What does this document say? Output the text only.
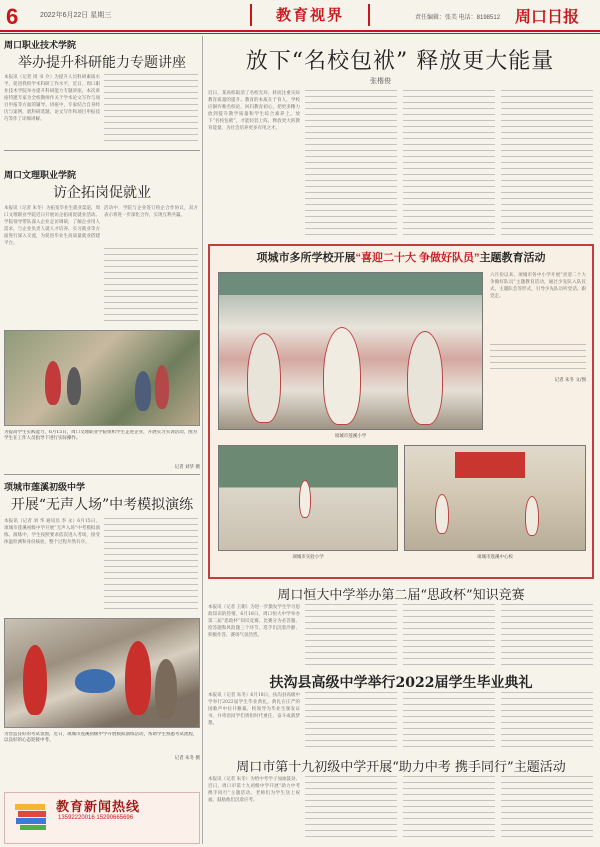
6	2022年6月22日 星期三	教育视界	责任编辑：张美 电话：8198512 周口日报
周口职业技术学院
举办提升科研能力专题讲座
本报讯（记者 周 书 介）为提升人员科研素质水平，促进我校学术科研工作水平，近日，周口职业技术学院举办提升科研能力专题讲座。本次讲座特邀专家为全校教师作关于学术论文写作与项目申报等方面的辅导。讲座中，专家结合自身经历与案例，就科研选题、论文写作和项目申报技巧等作了详细讲解。
周口文理职业学院
访企拓岗促就业
本报讯（记者 朱冬）为拓宽毕业生就业渠道，周口文理职业学院近日开展访企拓岗促就业活动。学院领导带队深入企业走访调研，了解企业用人需求，与企业负责人就人才培养、实习就业等方面进行深入交流，为促进毕业生高质量就业搭建平台。
活动中，学院与企业签订校企合作协议，双方表示将进一步深化合作，实现互利共赢。
为提高学生实践能力，6月15日，周口文理职业学院组织学生走进企业，开展实习实训活动。图为学生在工作人员指导下进行实际操作。
记者 刘华 摄
项城市莲溪初级中学
开展“无声人场”中考模拟演练
本报讯（记者 刘 华 通讯员 李 永）6月15日，项城市莲溪初级中学开展“无声入场”中考模拟演练。演练中，学生按照要求依次进入考场，接受体温检测和身份核验，整个过程井然有序。
为营造良好的考试氛围，近日，项城市莲溪初级中学开展模拟演练活动，帮助学生熟悉考试流程，以良好的心态迎接中考。
记者 朱冬 摄
教育新闻热线
13592220016 15290665696
放下“名校包袱” 释放更大能量
张楷俊
近日，某高校取消了名校光环，转而注重实际教育质量的提升。教育的本质在于育人，学校应摒弃唯名校论，回归教育初心，把更多精力放到提升教学质量和学生综合素养上。放下“名校包袱”，才能轻装上阵，释放更大的教育能量，为社会培养更多有用之才。
项城市多所学校开展“喜迎二十大 争做好队员”主题教育活动
项城市莲溪小学
六月份以来，项城市各中小学开展“喜迎二十大 争做好队员”主题教育活动，通过少先队入队仪式、主题队会等形式，引导少先队员听党话、跟党走。
记者 朱冬 文/图
项城市实验小学	项城市莲溪中心校
周口恒大中学举办第二届“思政杯”知识竞赛
本报讯（记者 王朝）为进一步激发学生学习思政知识的热情，6月18日，周口恒大中学举办第二届“思政杯”知识竞赛。比赛分为必答题、抢答题和风险题三个环节，选手们沉着冷静，积极作答，赛场气氛热烈。
扶沟县高级中学举行2022届学生毕业典礼
本报讯（记者 朱冬）6月18日，扶沟县高级中学举行2022届学生毕业典礼。典礼在庄严的国歌声中拉开帷幕，校领导为毕业生颁发证书，并寄语同学们勇担时代重任，奋斗成就梦想。
周口市第十九初级中学开展“助力中考 携手同行”主题活动
本报讯（记者 朱冬）为给中考学子加油鼓劲，近日，周口市第十九初级中学开展“助力中考 携手同行”主题活动，老师们为学生送上祝福，鼓励他们沉着应考。
